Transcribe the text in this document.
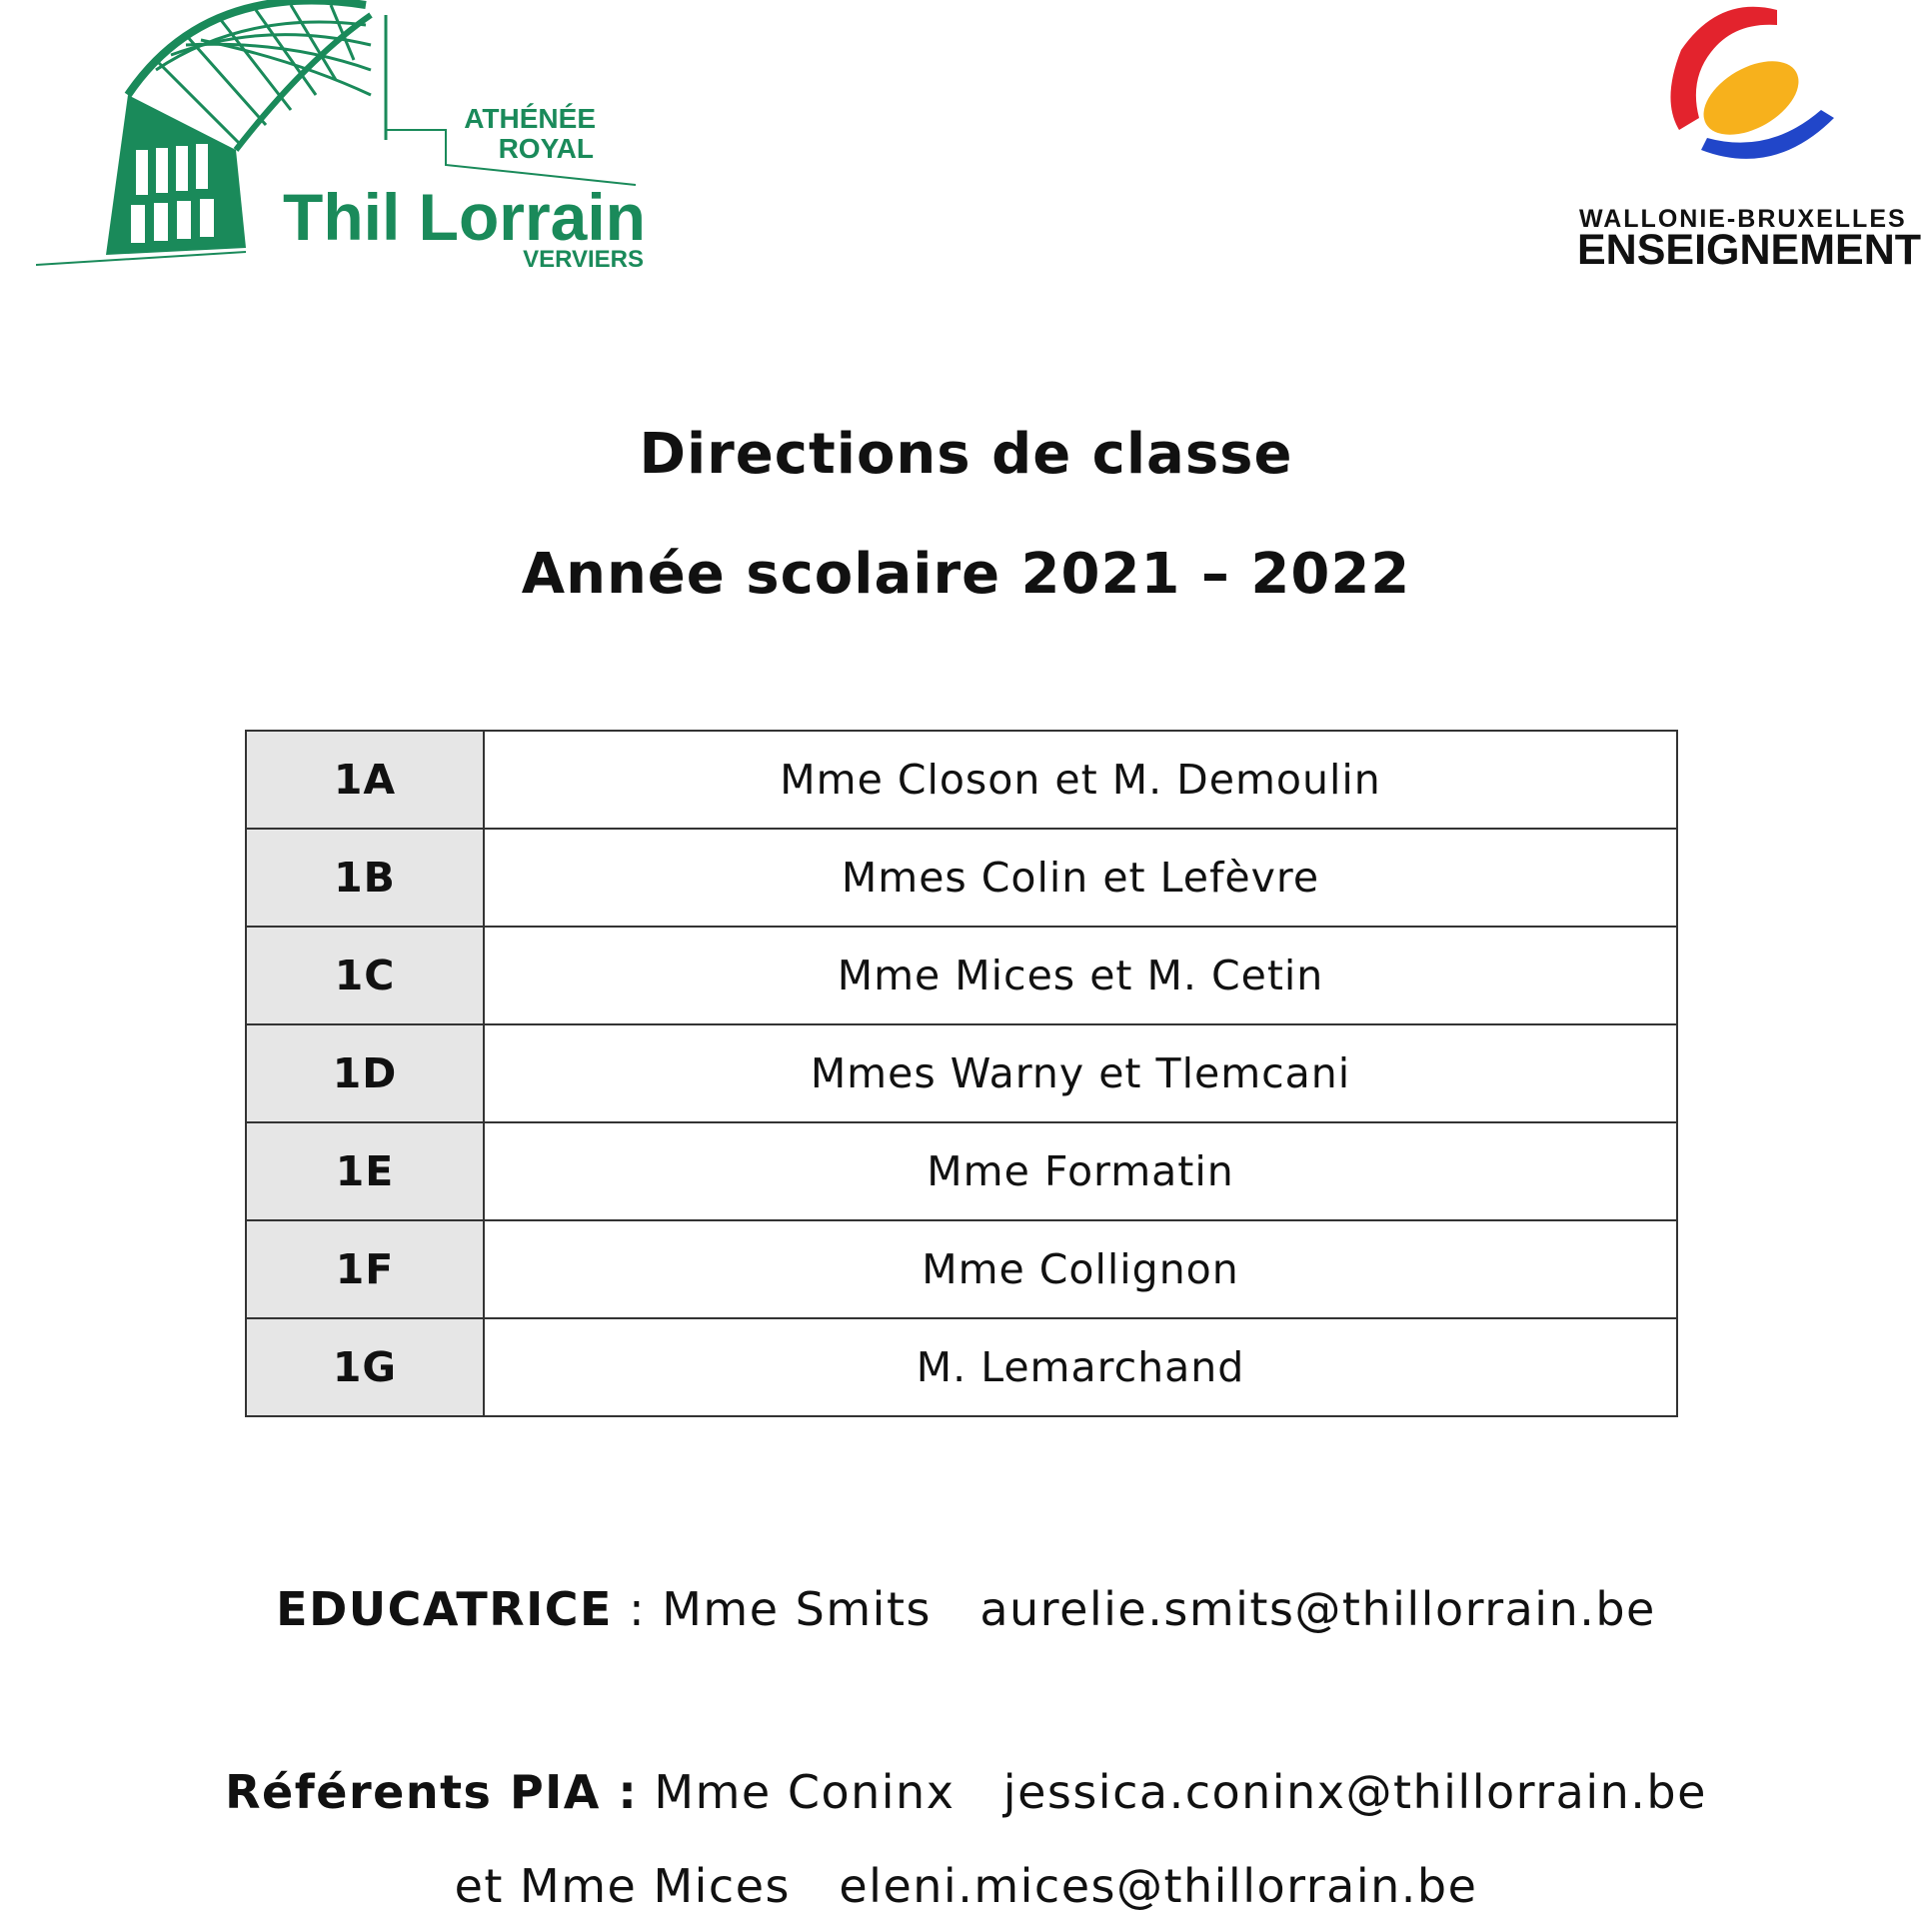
ATHÉNÉE
ROYAL
Thil Lorrain
VERVIERS
WALLONIE-BRUXELLES
ENSEIGNEMENT
Directions de classe
Année scolaire 2021 – 2022
1A	Mme Closon et M. Demoulin
1B	Mmes Colin et Lefèvre
1C	Mme Mices et M. Cetin
1D	Mmes Warny et Tlemcani
1E	Mme Formatin
1F	Mme Collignon
1G	M. Lemarchand
EDUCATRICE : Mme Smits aurelie.smits@thillorrain.be
Référents PIA : Mme Coninx jessica.coninx@thillorrain.be
et Mme Mices eleni.mices@thillorrain.be
